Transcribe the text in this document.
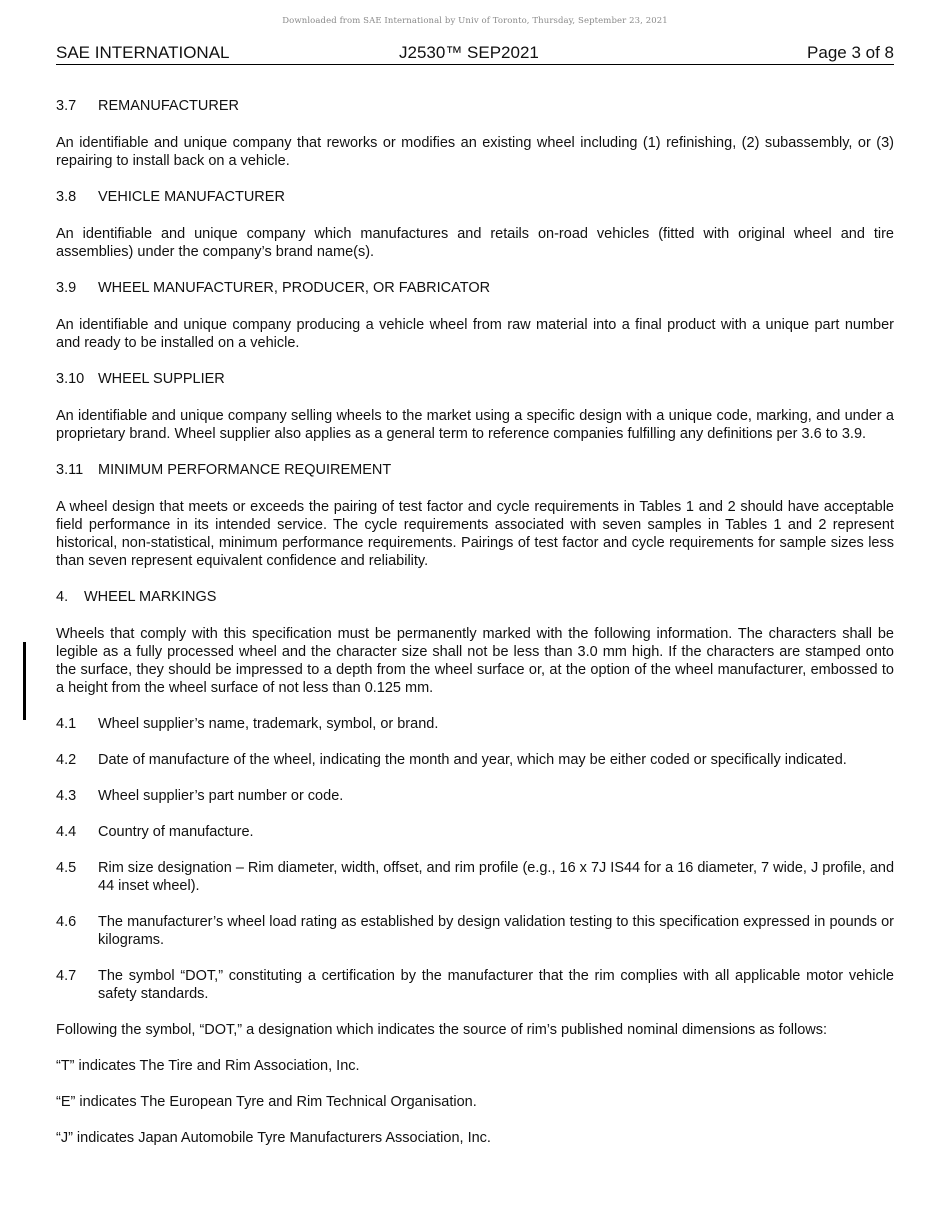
Downloaded from SAE International by Univ of Toronto, Thursday, September 23, 2021
SAE INTERNATIONAL	J2530™ SEP2021	Page 3 of 8

3.7 REMANUFACTURER

An identifiable and unique company that reworks or modifies an existing wheel including (1) refinishing, (2) subassembly, or (3) repairing to install back on a vehicle.

3.8 VEHICLE MANUFACTURER

An identifiable and unique company which manufactures and retails on-road vehicles (fitted with original wheel and tire assemblies) under the company’s brand name(s).

3.9 WHEEL MANUFACTURER, PRODUCER, OR FABRICATOR

An identifiable and unique company producing a vehicle wheel from raw material into a final product with a unique part number and ready to be installed on a vehicle.

3.10 WHEEL SUPPLIER

An identifiable and unique company selling wheels to the market using a specific design with a unique code, marking, and under a proprietary brand. Wheel supplier also applies as a general term to reference companies fulfilling any definitions per 3.6 to 3.9.

3.11 MINIMUM PERFORMANCE REQUIREMENT

A wheel design that meets or exceeds the pairing of test factor and cycle requirements in Tables 1 and 2 should have acceptable field performance in its intended service. The cycle requirements associated with seven samples in Tables 1 and 2 represent historical, non-statistical, minimum performance requirements. Pairings of test factor and cycle requirements for sample sizes less than seven represent equivalent confidence and reliability.

4. WHEEL MARKINGS

Wheels that comply with this specification must be permanently marked with the following information. The characters shall be legible as a fully processed wheel and the character size shall not be less than 3.0 mm high. If the characters are stamped onto the surface, they should be impressed to a depth from the wheel surface or, at the option of the wheel manufacturer, embossed to a height from the wheel surface of not less than 0.125 mm.

4.1	Wheel supplier’s name, trademark, symbol, or brand.
4.2	Date of manufacture of the wheel, indicating the month and year, which may be either coded or specifically indicated.
4.3	Wheel supplier’s part number or code.
4.4	Country of manufacture.
4.5	Rim size designation – Rim diameter, width, offset, and rim profile (e.g., 16 x 7J IS44 for a 16 diameter, 7 wide, J profile, and 44 inset wheel).
4.6	The manufacturer’s wheel load rating as established by design validation testing to this specification expressed in pounds or kilograms.
4.7	The symbol “DOT,” constituting a certification by the manufacturer that the rim complies with all applicable motor vehicle safety standards.

Following the symbol, “DOT,” a designation which indicates the source of rim’s published nominal dimensions as follows:

“T” indicates The Tire and Rim Association, Inc.

“E” indicates The European Tyre and Rim Technical Organisation.

“J” indicates Japan Automobile Tyre Manufacturers Association, Inc.
